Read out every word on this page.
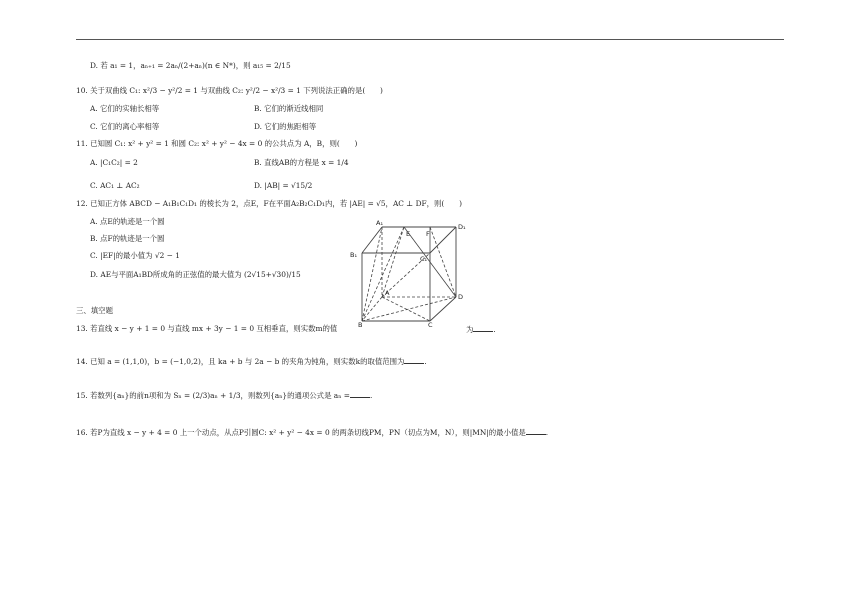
D. 若 a₁ = 1，aₙ₊₁ = 2aₙ/(2+aₙ)(n ∈ N*)，则 a₁₅ = 2/15
10. 关于双曲线 C₁: x²/3 − y²/2 = 1 与双曲线 C₂: y²/2 − x²/3 = 1 下列说法正确的是(　　)
A. 它们的实轴长相等	B. 它们的渐近线相同
C. 它们的离心率相等	D. 它们的焦距相等
11. 已知圆 C₁: x² + y² = 1 和圆 C₂: x² + y² − 4x = 0 的公共点为 A，B，则(　　)
A. |C₁C₂| = 2	B. 直线AB的方程是 x = 1/4
C. AC₁ ⊥ AC₂	D. |AB| = √15/2
12. 已知正方体 ABCD − A₁B₁C₁D₁ 的棱长为 2，点E，F在平面A₂B₂C₁D₁内，若 |AE| = √5，AC ⊥ DF，则(　　)
A. 点E的轨迹是一个圆
B. 点F的轨迹是一个圆
C. |EF|的最小值为 √2 − 1
D. AE与平面A₁BD所成角的正弦值的最大值为 (2√15+√30)/15
A₁
E F
D₁
B₁	C₁
A	D
B	C
三、填空题
13. 若直线 x − y + 1 = 0 与直线 mx + 3y − 1 = 0 互相垂直，则实数m的值	为	.
14. 已知 a = (1,1,0)，b = (−1,0,2)，且 ka + b 与 2a − b 的夹角为钝角，则实数k的取值范围为	.
15. 若数列{aₙ}的前n项和为 Sₙ = (2/3)aₙ + 1/3，则数列{aₙ}的通项公式是 aₙ =	.
16. 若P为直线 x − y + 4 = 0 上一个动点，从点P引圆C: x² + y² − 4x = 0 的两条切线PM，PN（切点为M，N），则|MN|的最小值是	.
